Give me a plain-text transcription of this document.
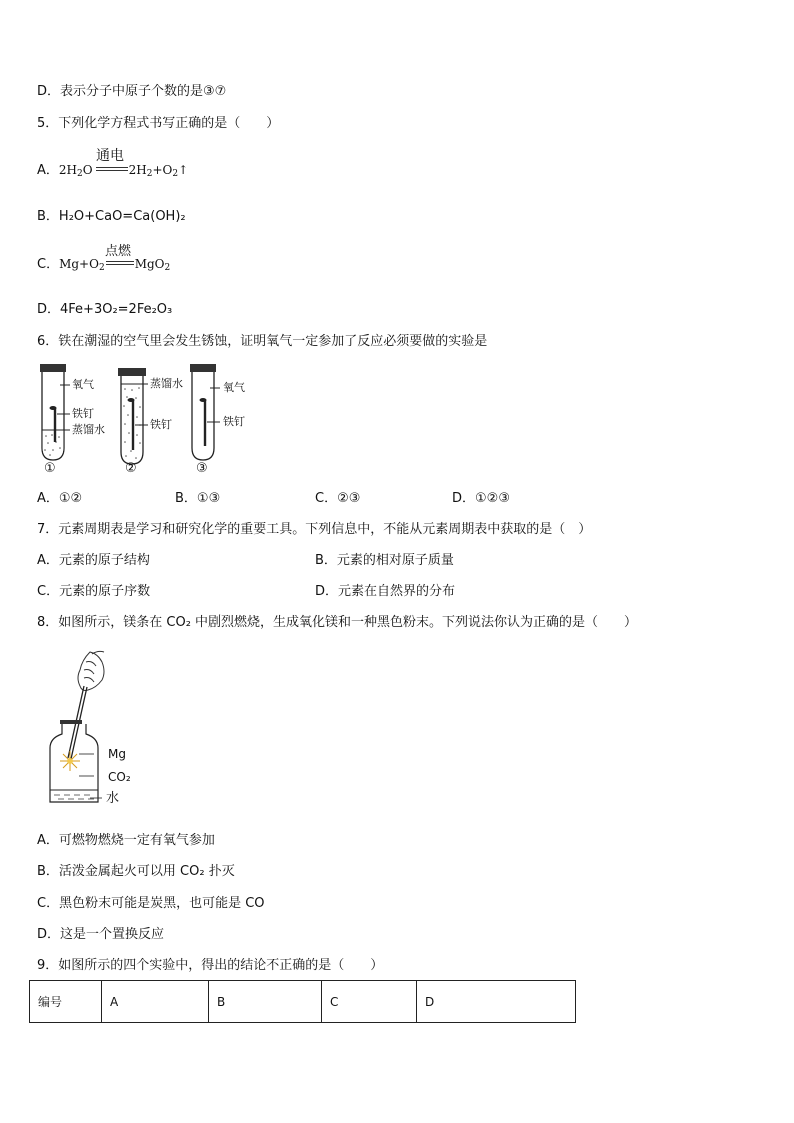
D．表示分子中原子个数的是③⑦
5．下列化学方程式书写正确的是（　　）
A．$2H_2O$	$2H_2+O_2↑$
通电
B．H₂O+CaO=Ca(OH)₂
C．$Mg+O_2$	MgO$_2$
点燃
D．4Fe+3O₂=2Fe₂O₃
6．铁在潮湿的空气里会发生锈蚀，证明氧气一定参加了反应必须要做的实验是
氧气
铁钉
蒸馏水
①
蒸馏水
铁钉
②
氧气
铁钉
③
A．①②	B．①③	C．②③	D．①②③
7．元素周期表是学习和研究化学的重要工具。下列信息中，不能从元素周期表中获取的是（　）
A．元素的原子结构	B．元素的相对原子质量
C．元素的原子序数	D．元素在自然界的分布
8．如图所示，镁条在 CO₂ 中剧烈燃烧，生成氧化镁和一种黑色粉末。下列说法你认为正确的是（　　）
Mg
CO₂
水
A．可燃物燃烧一定有氧气参加
B．活泼金属起火可以用 CO₂ 扑灭
C．黑色粉末可能是炭黑，也可能是 CO
D．这是一个置换反应
9．如图所示的四个实验中，得出的结论不正确的是（　　）
编号	A	B	C	D
